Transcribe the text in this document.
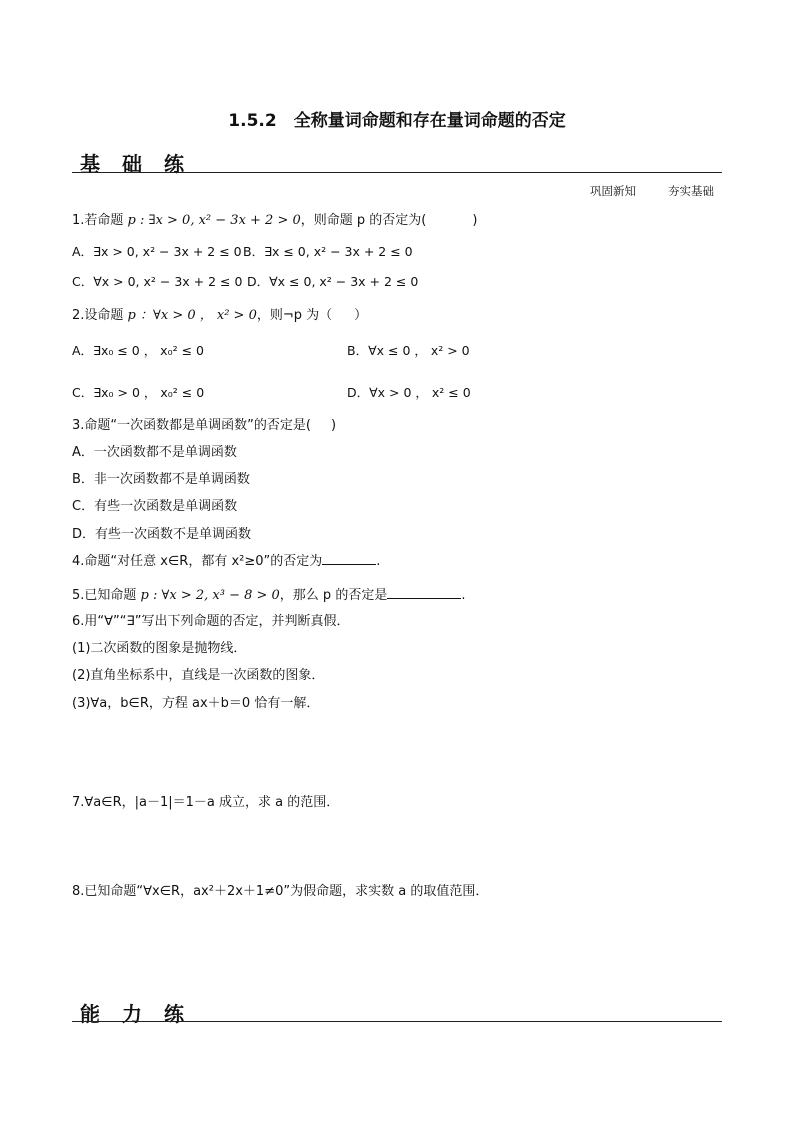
1.5.2　全称量词命题和存在量词命题的否定
基础练
巩固新知	夯实基础
1.若命题 p : ∃x > 0, x² − 3x + 2 > 0，则命题 p 的否定为(	)
A．∃x > 0, x² − 3x + 2 ≤ 0 B．∃x ≤ 0, x² − 3x + 2 ≤ 0
C．∀x > 0, x² − 3x + 2 ≤ 0 D．∀x ≤ 0, x² − 3x + 2 ≤ 0
2.设命题 p ：∀x > 0 ， x² > 0，则¬p 为（ ）
A．∃x₀ ≤ 0 ， x₀² ≤ 0	B．∀x ≤ 0 ， x² > 0
C．∃x₀ > 0 ， x₀² ≤ 0	D．∀x > 0 ， x² ≤ 0
3.命题“一次函数都是单调函数”的否定是( )
A．一次函数都不是单调函数
B．非一次函数都不是单调函数
C．有些一次函数是单调函数
D．有些一次函数不是单调函数
4.命题“对任意 x∈R，都有 x²≥0”的否定为	.
5.已知命题 p : ∀x > 2, x³ − 8 > 0，那么 p 的否定是	.
6.用“∀”“∃”写出下列命题的否定，并判断真假．
(1)二次函数的图象是抛物线．
(2)直角坐标系中，直线是一次函数的图象．
(3)∀a，b∈R，方程 ax＋b＝0 恰有一解．
7.∀a∈R，|a－1|＝1－a 成立，求 a 的范围．
8.已知命题“∀x∈R，ax²＋2x＋1≠0”为假命题，求实数 a 的取值范围．
能力练
